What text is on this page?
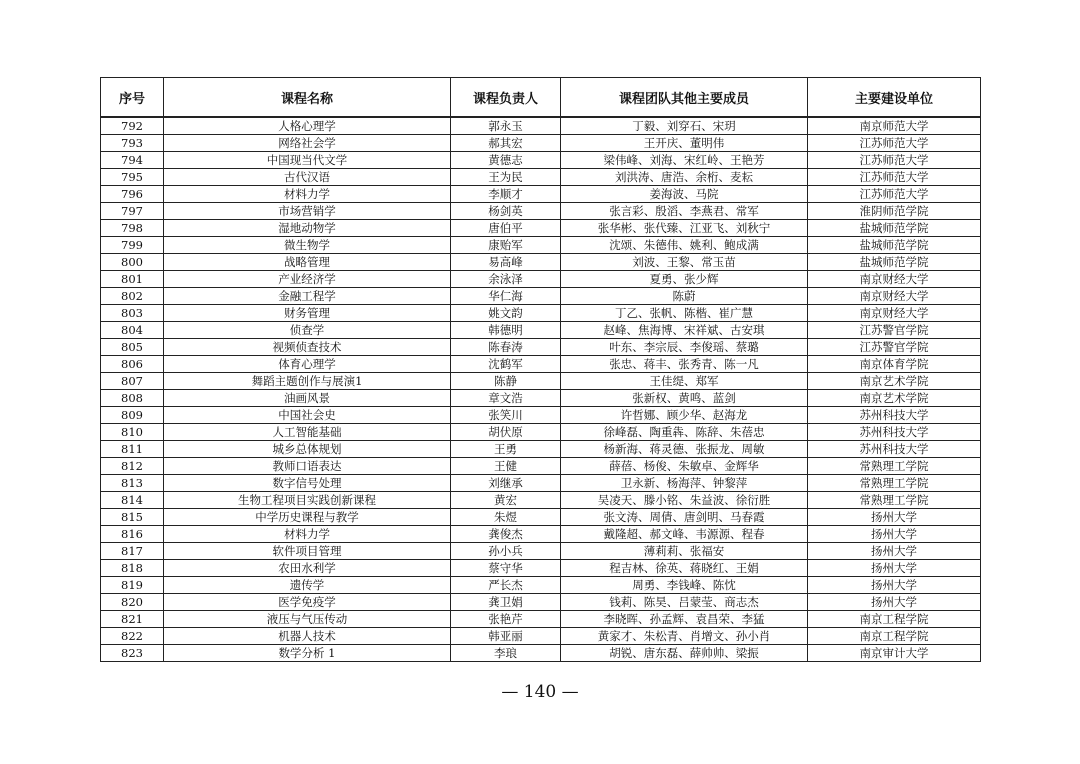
序号	课程名称	课程负责人	课程团队其他主要成员	主要建设单位
792	人格心理学	郭永玉	丁毅、刘穿石、宋玥	南京师范大学
793	网络社会学	郝其宏	王开庆、董明伟	江苏师范大学
794	中国现当代文学	黄德志	梁伟峰、刘海、宋红岭、王艳芳	江苏师范大学
795	古代汉语	王为民	刘洪涛、唐浩、余桁、麦耘	江苏师范大学
796	材料力学	李顺才	姜海波、马院	江苏师范大学
797	市场营销学	杨剑英	张言彩、殷滔、李燕君、常军	淮阴师范学院
798	湿地动物学	唐伯平	张华彬、张代臻、江亚飞、刘秋宁	盐城师范学院
799	微生物学	康贻军	沈颂、朱德伟、姚利、鲍成满	盐城师范学院
800	战略管理	易高峰	刘波、王黎、常玉苗	盐城师范学院
801	产业经济学	余泳泽	夏勇、张少辉	南京财经大学
802	金融工程学	华仁海	陈蔚	南京财经大学
803	财务管理	姚文韵	丁乙、张帆、陈楷、崔广慧	南京财经大学
804	侦查学	韩德明	赵峰、焦海博、宋祥斌、古安琪	江苏警官学院
805	视频侦查技术	陈春涛	叶东、李宗辰、李俊瑶、蔡璐	江苏警官学院
806	体育心理学	沈鹤军	张忠、蒋丰、张秀青、陈一凡	南京体育学院
807	舞蹈主题创作与展演1	陈静	王佳缇、郑军	南京艺术学院
808	油画风景	章文浩	张新权、黄鸣、蓝剑	南京艺术学院
809	中国社会史	张笑川	许哲娜、顾少华、赵海龙	苏州科技大学
810	人工智能基础	胡伏原	徐峰磊、陶重犇、陈辞、朱蓓忠	苏州科技大学
811	城乡总体规划	王勇	杨新海、蒋灵德、张振龙、周敏	苏州科技大学
812	教师口语表达	王健	薛蓓、杨俊、朱敏卓、金辉华	常熟理工学院
813	数字信号处理	刘继承	卫永新、杨海萍、钟黎萍	常熟理工学院
814	生物工程项目实践创新课程	黄宏	吴凌天、滕小铭、朱益波、徐衍胜	常熟理工学院
815	中学历史课程与教学	朱煜	张文涛、周倩、唐剑明、马春霞	扬州大学
816	材料力学	龚俊杰	戴隆超、郝文峰、韦源源、程春	扬州大学
817	软件项目管理	孙小兵	薄莉莉、张福安	扬州大学
818	农田水利学	蔡守华	程吉林、徐英、蒋晓红、王娟	扬州大学
819	遗传学	严长杰	周勇、李钱峰、陈忱	扬州大学
820	医学免疫学	龚卫娟	钱莉、陈昊、吕蒙莹、商志杰	扬州大学
821	液压与气压传动	张艳芹	李晓晖、孙孟辉、袁昌荣、李猛	南京工程学院
822	机器人技术	韩亚丽	黄家才、朱松青、肖增文、孙小肖	南京工程学院
823	数学分析 1	李琅	胡锐、唐东磊、薛帅帅、梁振	南京审计大学
— 140 —
